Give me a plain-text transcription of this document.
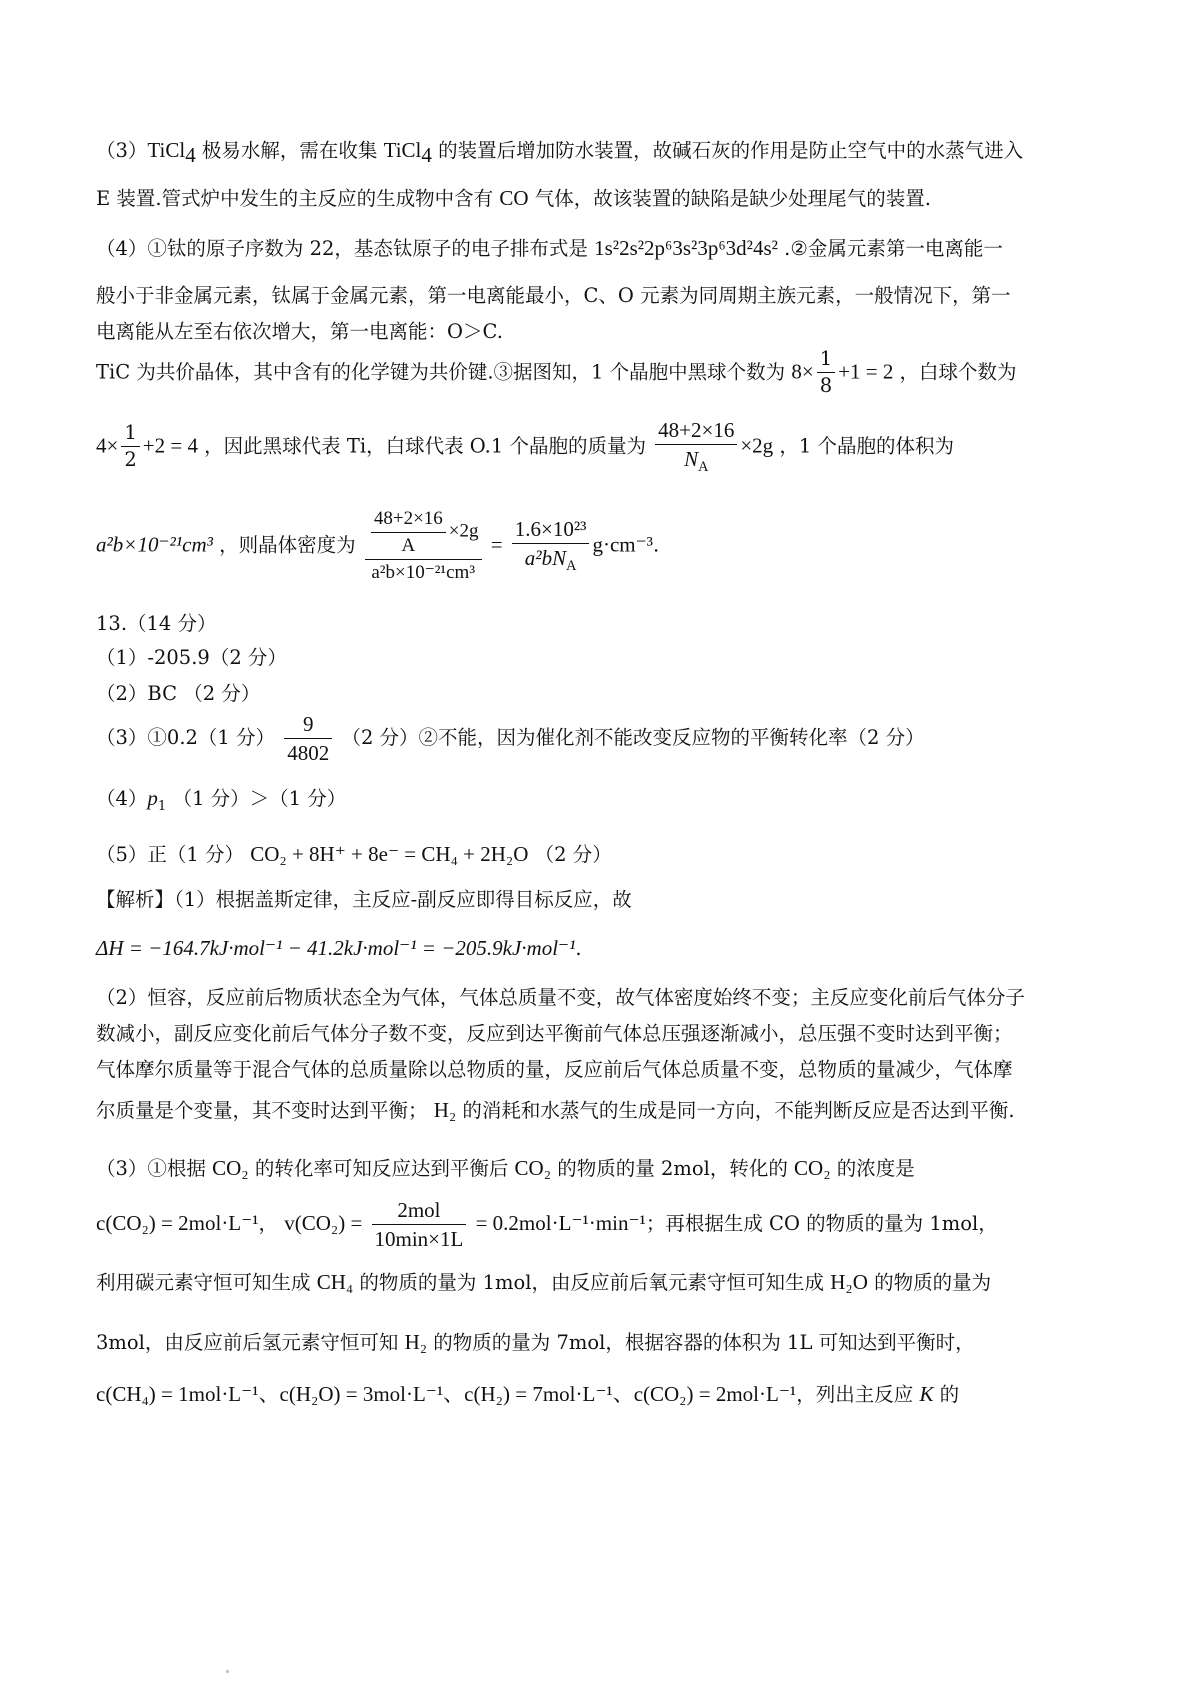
（3）TiCl$_4$ 极易水解，需在收集 TiCl$_4$ 的装置后增加防水装置，故碱石灰的作用是防止空气中的水蒸气进入
E 装置.管式炉中发生的主反应的生成物中含有 CO 气体，故该装置的缺陷是缺少处理尾气的装置.
（4）①钛的原子序数为 22，基态钛原子的电子排布式是 1s²2s²2p⁶3s²3p⁶3d²4s² .②金属元素第一电离能一
般小于非金属元素，钛属于金属元素，第一电离能最小，C、O 元素为同周期主族元素，一般情况下，第一
电离能从左至右依次增大，第一电离能：O＞C.
TiC 为共价晶体，其中含有的化学键为共价键.③据图知，1 个晶胞中黑球个数为 $8\times \frac{1}{8} +1 = 2$ ，白球个数为
$4\times \frac{1}{2} +2 = 4$ ，因此黑球代表 Ti，白球代表 O.1 个晶胞的质量为 $\frac{48+2\times 16}{N_A} \times 2g$ ，1 个晶胞的体积为
a²b×10⁻²¹cm³ ，则晶体密度为 $\frac{\frac{48+2\times 16}{A} \times 2g}{\text{a²b×10⁻²¹cm³}} = \frac{\text{1.6×10²³}}{a^2bN_A} g\cdot cm^{-3}$.
13.（14 分）
（1）-205.9（2 分）
（2）BC （2 分）
（3）①0.2（1 分） $\frac{9}{4802} (2$ 分）②不能，因为催化剂不能改变反应物的平衡转化率（2 分）
$(4)p_1$ （1 分）＞（1 分）
（5）正（1 分） CO₂ + 8H⁺ + 8e⁻ = CH₄ + 2H₂O （2 分）
【解析】（1）根据盖斯定律，主反应-副反应即得目标反应，故
ΔH = −164.7kJ·mol⁻¹ − 41.2kJ·mol⁻¹ = −205.9kJ·mol⁻¹.
（2）恒容，反应前后物质状态全为气体，气体总质量不变，故气体密度始终不变；主反应变化前后气体分子
数减小，副反应变化前后气体分子数不变，反应到达平衡前气体总压强逐渐减小，总压强不变时达到平衡；
气体摩尔质量等于混合气体的总质量除以总物质的量，反应前后气体总质量不变，总物质的量减少，气体摩
尔质量是个变量，其不变时达到平衡； H₂ 的消耗和水蒸气的生成是同一方向，不能判断反应是否达到平衡.
（3）①根据 CO₂ 的转化率可知反应达到平衡后 CO₂ 的物质的量 2mol，转化的 CO₂ 的浓度是
c(CO₂) = 2mol·L⁻¹， $v(CO_2) = \frac{\text{2mol}}{10\min\times 1L} = 0.2mol\cdot L^{-1}\cdot\min^{-1}$；再根据生成 CO 的物质的量为 1mol，
利用碳元素守恒可知生成 CH₄ 的物质的量为 1mol，由反应前后氧元素守恒可知生成 H₂O 的物质的量为
3mol，由反应前后氢元素守恒可知 H₂ 的物质的量为 7mol，根据容器的体积为 1L 可知达到平衡时，
c(CH₄) = 1mol·L⁻¹、c(H₂O) = 3mol·L⁻¹、c(H₂) = 7mol·L⁻¹、c(CO₂) = 2mol·L⁻¹，列出主反应 K 的
